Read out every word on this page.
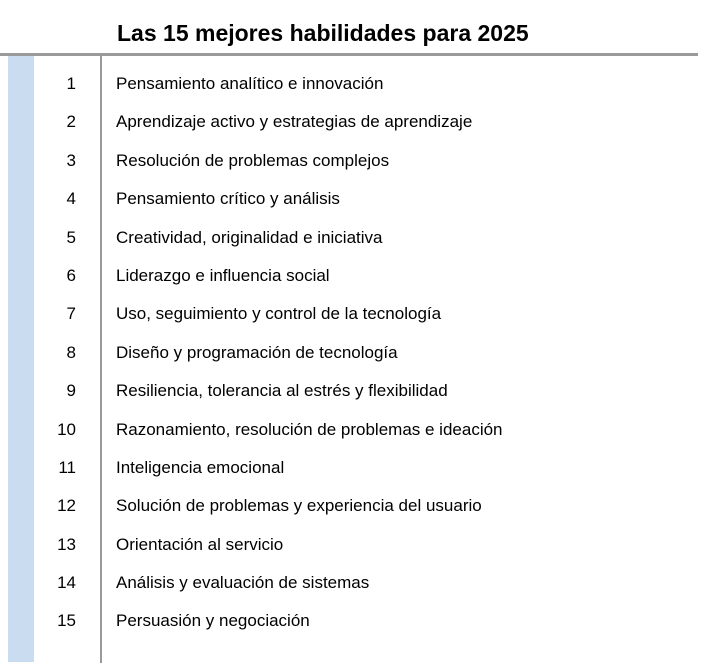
Las 15 mejores habilidades para 2025
1 Pensamiento analítico e innovación
2 Aprendizaje activo y estrategias de aprendizaje
3 Resolución de problemas complejos
4 Pensamiento crítico y análisis
5 Creatividad, originalidad e iniciativa
6 Liderazgo e influencia social
7 Uso, seguimiento y control de la tecnología
8 Diseño y programación de tecnología
9 Resiliencia, tolerancia al estrés y flexibilidad
10 Razonamiento, resolución de problemas e ideación
11 Inteligencia emocional
12 Solución de problemas y experiencia del usuario
13 Orientación al servicio
14 Análisis y evaluación de sistemas
15 Persuasión y negociación
